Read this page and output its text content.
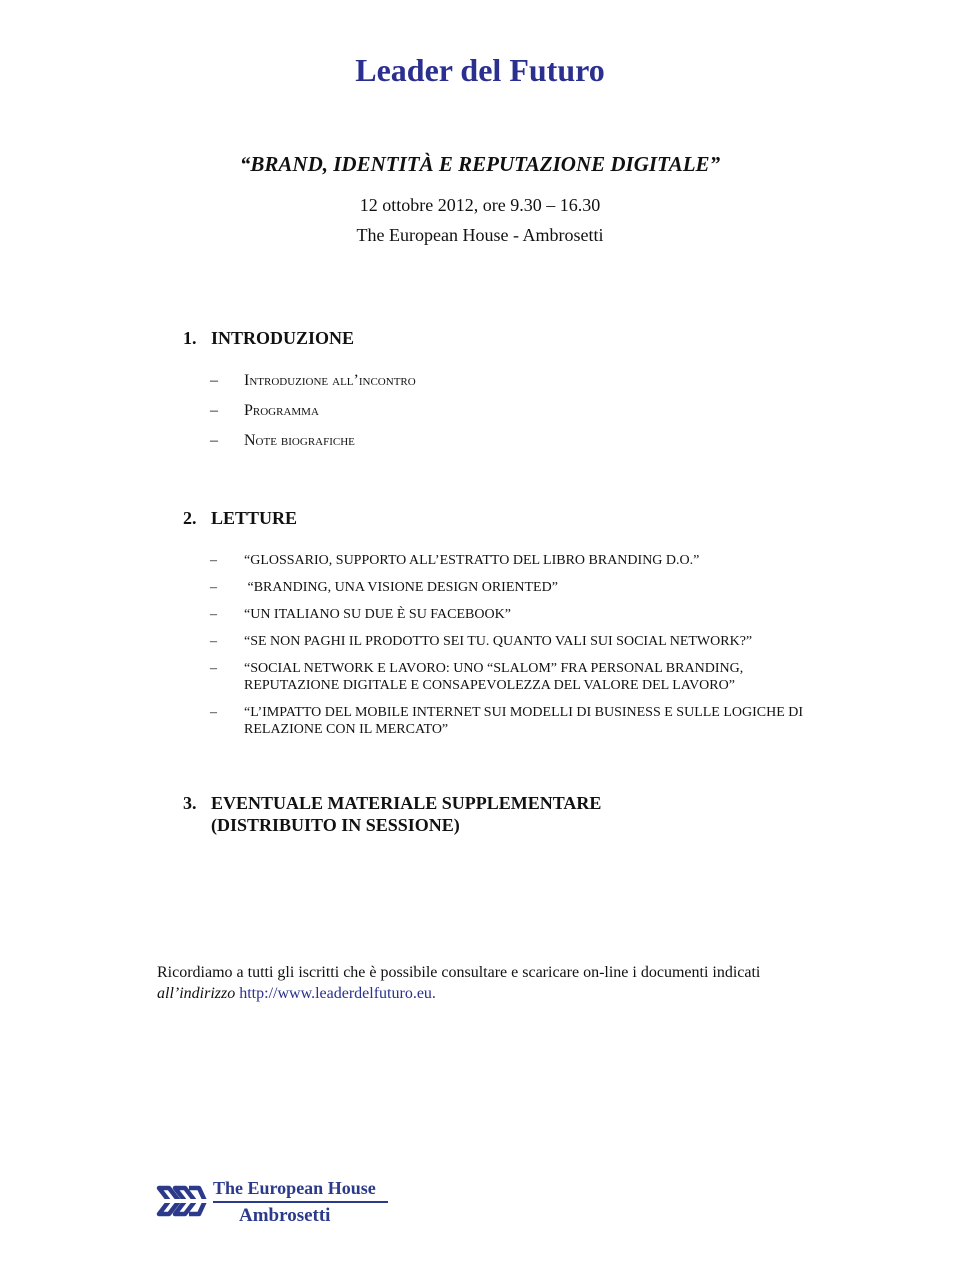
Leader del Futuro
“BRAND, IDENTITÀ E REPUTAZIONE DIGITALE”
12 ottobre 2012, ore 9.30 – 16.30
The European House - Ambrosetti
1. INTRODUZIONE
– Introduzione all’incontro
– Programma
– Note biografiche
2. LETTURE
– “GLOSSARIO, SUPPORTO ALL’ESTRATTO DEL LIBRO BRANDING D.O.”
– “BRANDING, UNA VISIONE DESIGN ORIENTED”
– “UN ITALIANO SU DUE È SU FACEBOOK”
– “SE NON PAGHI IL PRODOTTO SEI TU. QUANTO VALI SUI SOCIAL NETWORK?”
– “SOCIAL NETWORK E LAVORO: UNO “SLALOM” FRA PERSONAL BRANDING, REPUTAZIONE DIGITALE E CONSAPEVOLEZZA DEL VALORE DEL LAVORO”
– “L’IMPATTO DEL MOBILE INTERNET SUI MODELLI DI BUSINESS E SULLE LOGICHE DI RELAZIONE CON IL MERCATO”
3. EVENTUALE MATERIALE SUPPLEMENTARE
(DISTRIBUITO IN SESSIONE)
Ricordiamo a tutti gli iscritti che è possibile consultare e scaricare on-line i documenti indicati all’indirizzo http://www.leaderdelfuturo.eu.
The European House
Ambrosetti
